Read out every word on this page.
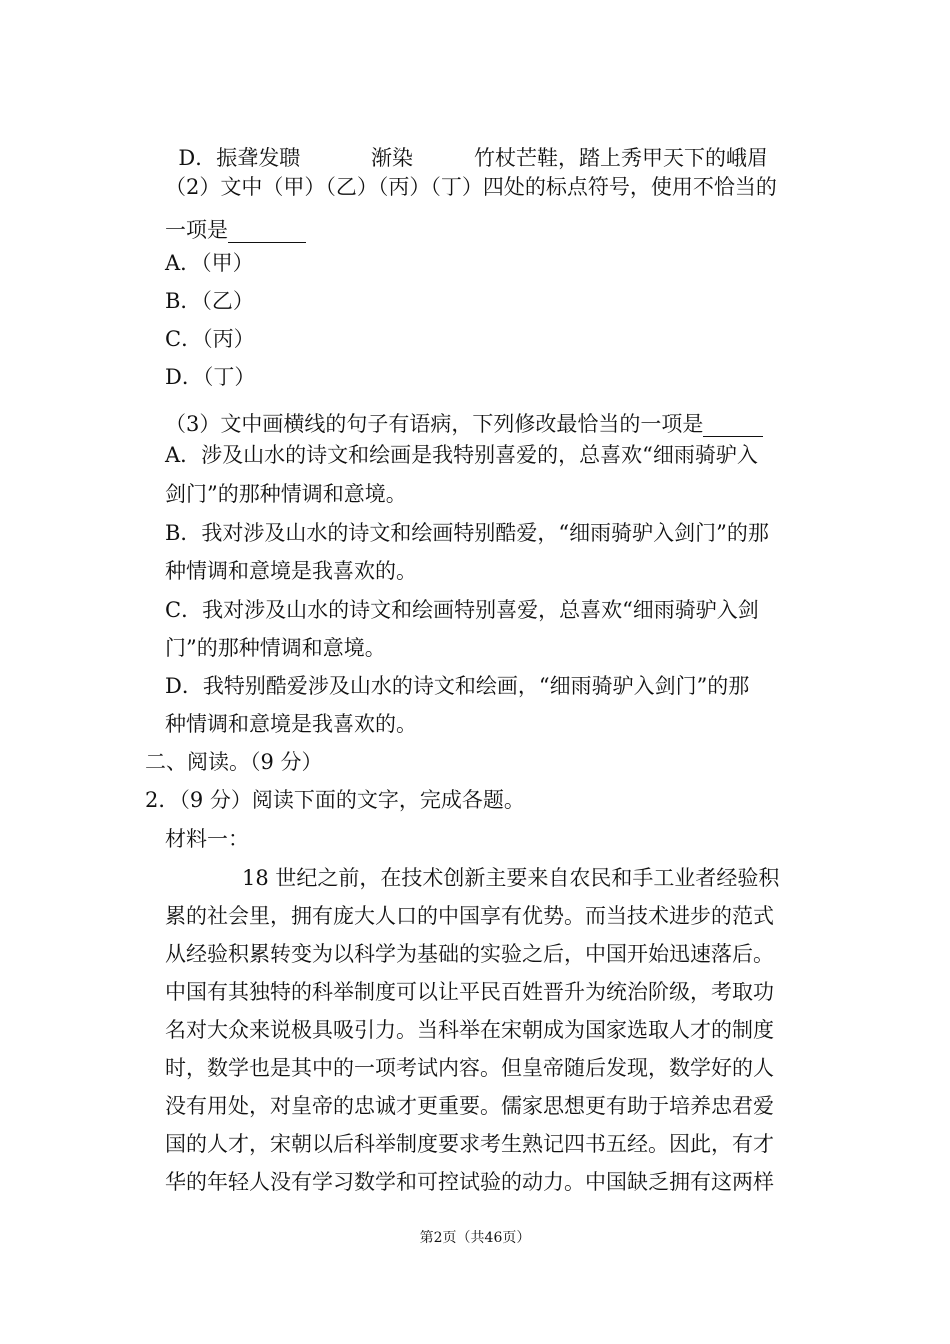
D．振聋发聩	渐染	竹杖芒鞋，踏上秀甲天下的峨眉

（2）文中（甲）（乙）（丙）（丁）四处的标点符号，使用不恰当的
一项是
A．（甲）
B．（乙）
C．（丙）
D．（丁）
（3）文中画横线的句子有语病，下列修改最恰当的一项是
A．涉及山水的诗文和绘画是我特别喜爱的，总喜欢“细雨骑驴入
剑门”的那种情调和意境。
B．我对涉及山水的诗文和绘画特别酷爱，“细雨骑驴入剑门”的那
种情调和意境是我喜欢的。
C．我对涉及山水的诗文和绘画特别喜爱，总喜欢“细雨骑驴入剑
门”的那种情调和意境。
D．我特别酷爱涉及山水的诗文和绘画，“细雨骑驴入剑门”的那
种情调和意境是我喜欢的。
二、阅读。（9 分）
2．（9 分）阅读下面的文字，完成各题。
材料一：
18 世纪之前，在技术创新主要来自农民和手工业者经验积
累的社会里，拥有庞大人口的中国享有优势。而当技术进步的范式
从经验积累转变为以科学为基础的实验之后，中国开始迅速落后。
中国有其独特的科举制度可以让平民百姓晋升为统治阶级，考取功
名对大众来说极具吸引力。当科举在宋朝成为国家选取人才的制度
时，数学也是其中的一项考试内容。但皇帝随后发现，数学好的人
没有用处，对皇帝的忠诚才更重要。儒家思想更有助于培养忠君爱
国的人才，宋朝以后科举制度要求考生熟记四书五经。因此，有才
华的年轻人没有学习数学和可控试验的动力。中国缺乏拥有这两样
第2页（共46页）
